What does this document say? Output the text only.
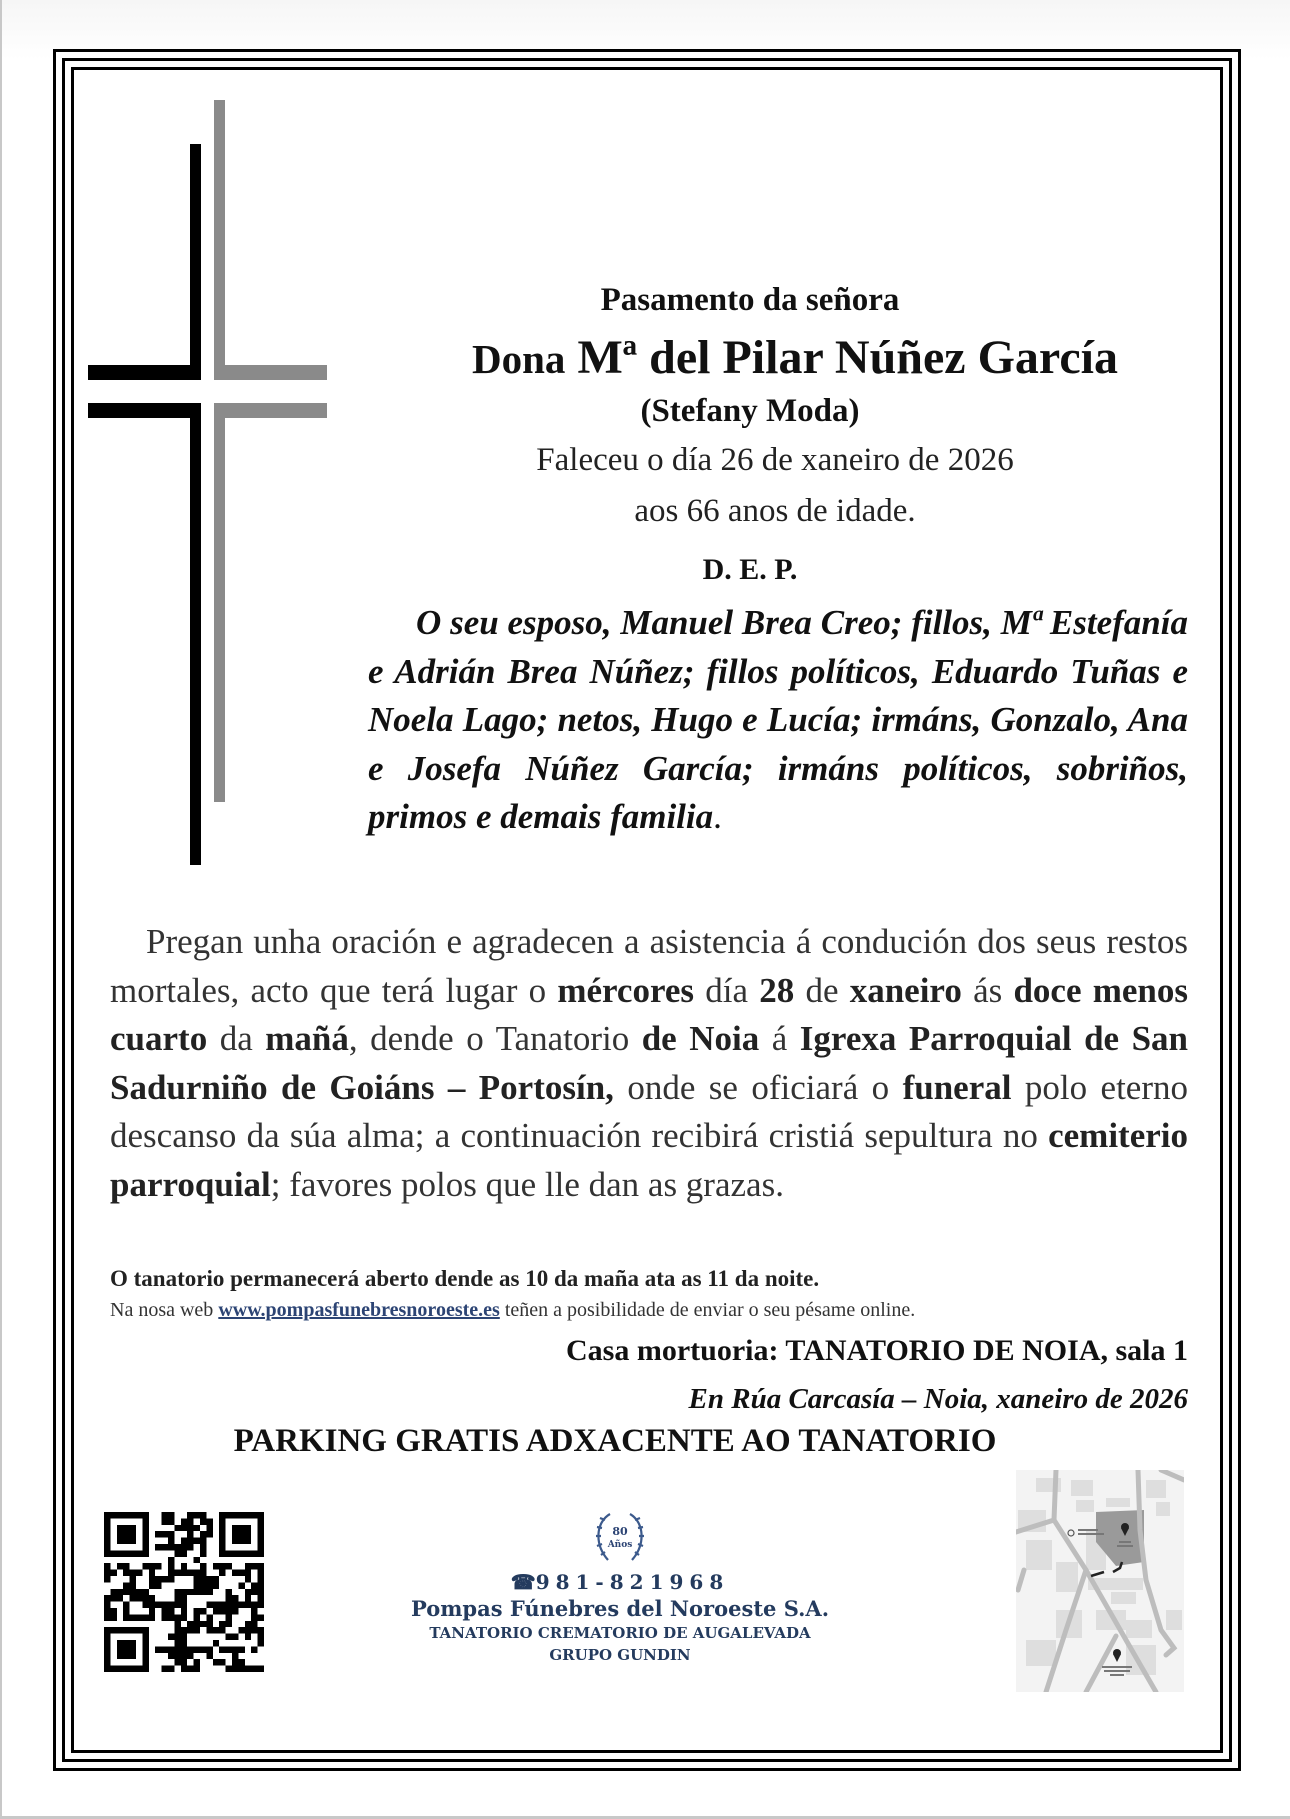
Pasamento da señora
Dona Mª del Pilar Núñez García
(Stefany Moda)
Faleceu o día 26 de xaneiro de 2026
aos 66 anos de idade.
D. E. P.
O seu esposo, Manuel Brea Creo; fillos, Mª Estefanía e Adrián Brea Núñez; fillos políticos, Eduardo Tuñas e Noela Lago; netos, Hugo e Lucía; irmáns, Gonzalo, Ana e Josefa Núñez García; irmáns políticos, sobriños, primos e demais familia.
Pregan unha oración e agradecen a asistencia á condución dos seus restos mortales, acto que terá lugar o mércores día 28 de xaneiro ás doce menos cuarto da mañá, dende o Tanatorio de Noia á Igrexa Parroquial de San Sadurniño de Goiáns – Portosín, onde se oficiará o funeral polo eterno descanso da súa alma; a continuación recibirá cristiá sepultura no cemiterio parroquial; favores polos que lle dan as grazas.
O tanatorio permanecerá aberto dende as 10 da maña ata as 11 da noite.
Na nosa web www.pompasfunebresnoroeste.es teñen a posibilidade de enviar o seu pésame online.
Casa mortuoria: TANATORIO DE NOIA, sala 1
En Rúa Carcasía – Noia, xaneiro de 2026
PARKING GRATIS ADXACENTE AO TANATORIO
80
Años
☎981-821968
Pompas Fúnebres del Noroeste S.A.
TANATORIO CREMATORIO DE AUGALEVADA
GRUPO GUNDIN
